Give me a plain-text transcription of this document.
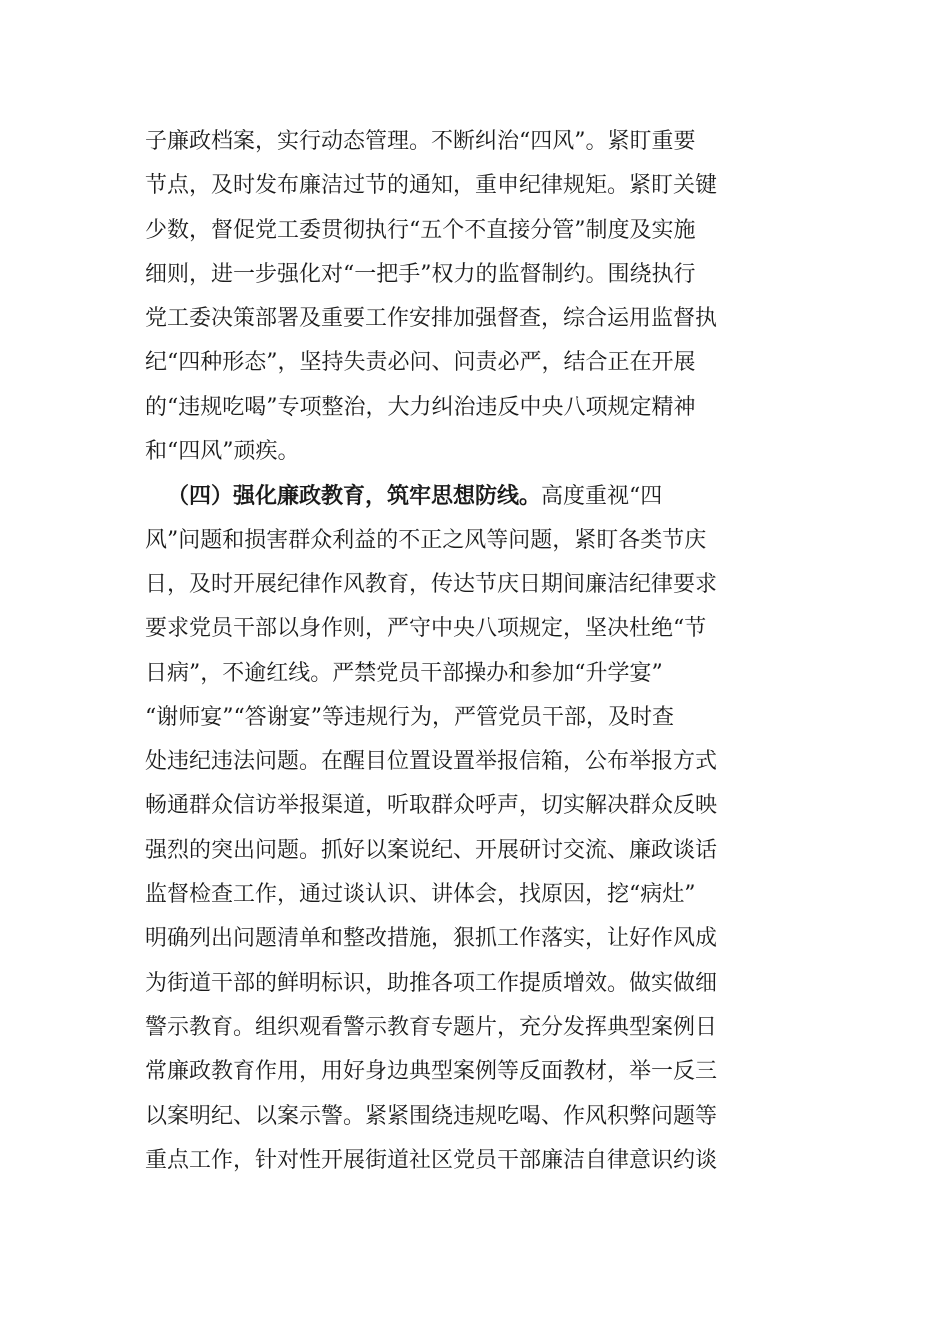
子廉政档案，实行动态管理。不断纠治“四风”。紧盯重要
节点，及时发布廉洁过节的通知，重申纪律规矩。紧盯关键
少数，督促党工委贯彻执行“五个不直接分管”制度及实施
细则，进一步强化对“一把手”权力的监督制约。围绕执行
党工委决策部署及重要工作安排加强督查，综合运用监督执
纪“四种形态”，坚持失责必问、问责必严，结合正在开展
的“违规吃喝”专项整治，大力纠治违反中央八项规定精神
和“四风”顽疾。
（四）强化廉政教育，筑牢思想防线。高度重视“四
风”问题和损害群众利益的不正之风等问题，紧盯各类节庆
日，及时开展纪律作风教育，传达节庆日期间廉洁纪律要求
要求党员干部以身作则，严守中央八项规定，坚决杜绝“节
日病”，不逾红线。严禁党员干部操办和参加“升学宴”
“谢师宴”“答谢宴”等违规行为，严管党员干部，及时查
处违纪违法问题。在醒目位置设置举报信箱，公布举报方式
畅通群众信访举报渠道，听取群众呼声，切实解决群众反映
强烈的突出问题。抓好以案说纪、开展研讨交流、廉政谈话
监督检查工作，通过谈认识、讲体会，找原因，挖“病灶”
明确列出问题清单和整改措施，狠抓工作落实，让好作风成
为街道干部的鲜明标识，助推各项工作提质增效。做实做细
警示教育。组织观看警示教育专题片，充分发挥典型案例日
常廉政教育作用，用好身边典型案例等反面教材，举一反三
以案明纪、以案示警。紧紧围绕违规吃喝、作风积弊问题等
重点工作，针对性开展街道社区党员干部廉洁自律意识约谈
